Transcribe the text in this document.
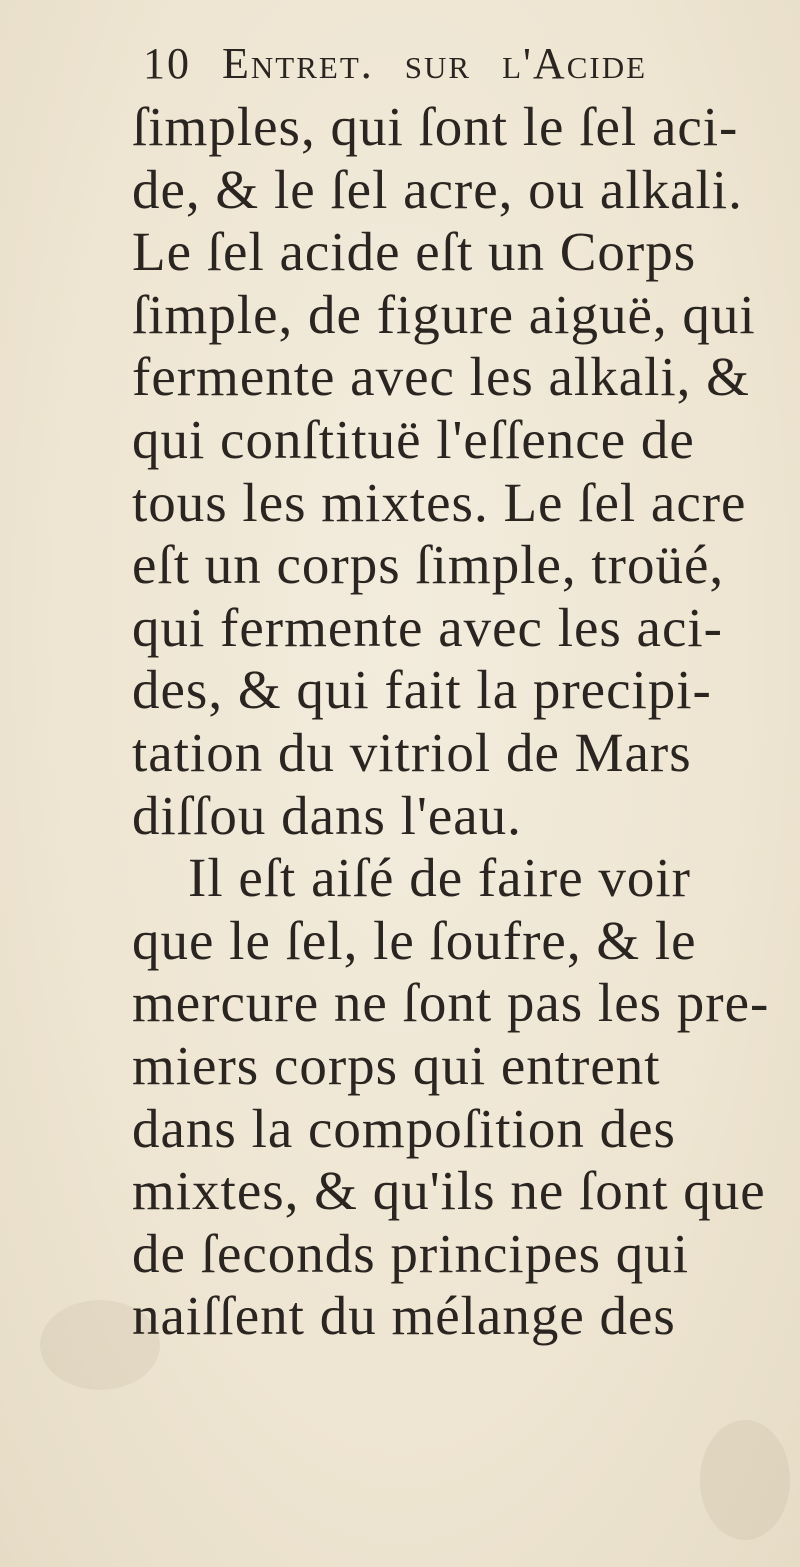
10 Entret. sur l'Acide
ſimples, qui ſont le ſel aci-
de, & le ſel acre, ou alkali.
Le ſel acide eſt un Corps
ſimple, de figure aiguë, qui
fermente avec les alkali, &
qui conſtituë l'eſſence de
tous les mixtes. Le ſel acre
eſt un corps ſimple, troüé,
qui fermente avec les aci-
des, & qui fait la precipi-
tation du vitriol de Mars
diſſou dans l'eau.
Il eſt aiſé de faire voir
que le ſel, le ſoufre, & le
mercure ne ſont pas les pre-
miers corps qui entrent
dans la compoſition des
mixtes, & qu'ils ne ſont que
de ſeconds principes qui
naiſſent du mélange des
